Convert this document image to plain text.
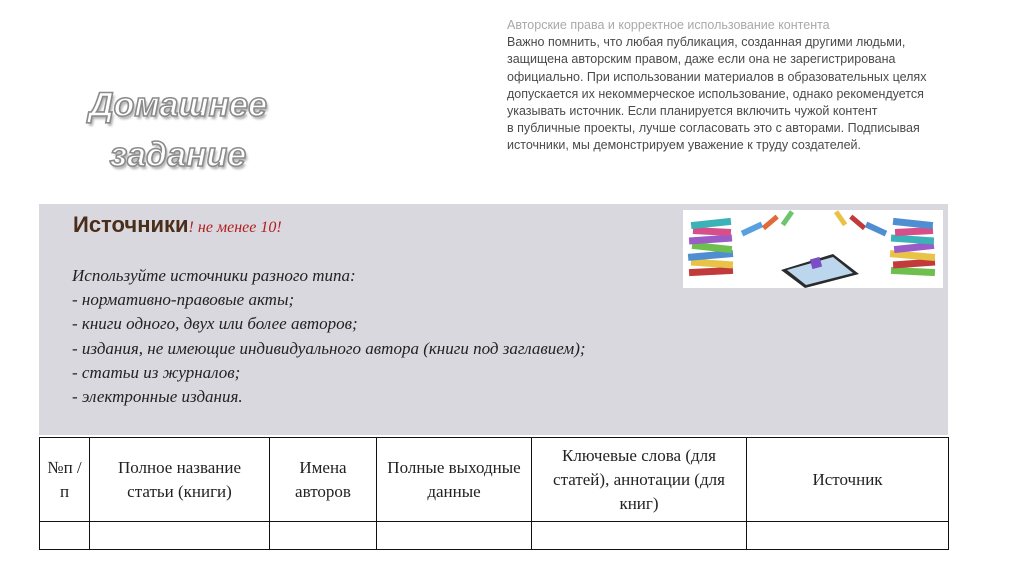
Домашнее
задание
Авторские права и корректное использование контента
Важно помнить, что любая публикация, созданная другими людьми,
защищена авторским правом, даже если она не зарегистрирована
официально. При использовании материалов в образовательных целях
допускается их некоммерческое использование, однако рекомендуется
указывать источник. Если планируется включить чужой контент
в публичные проекты, лучше согласовать это с авторами. Подписывая
источники, мы демонстрируем уважение к труду создателей.
Источники! не менее 10!
Используйте источники разного типа:
- нормативно-правовые акты;
- книги одного, двух или более авторов;
- издания, не имеющие индивидуального автора (книги под заглавием);
- статьи из журналов;
- электронные издания.
№п /п	Полное название статьи (книги)	Имена авторов	Полные выходные данные	Ключевые слова (для статей), аннотации (для книг)	Источник
